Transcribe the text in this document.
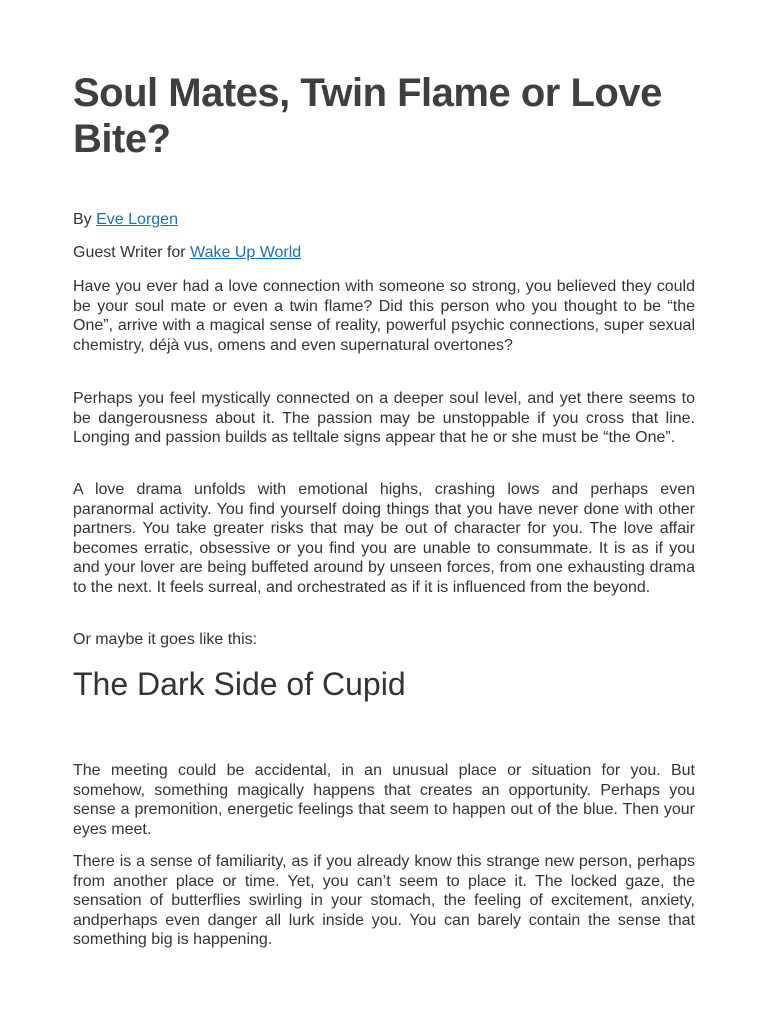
Soul Mates, Twin Flame or Love Bite?

By Eve Lorgen

Guest Writer for Wake Up World

Have you ever had a love connection with someone so strong, you believed they could be your soul mate or even a twin flame? Did this person who you thought to be “the One”, arrive with a magical sense of reality, powerful psychic connections, super sexual chemistry, déjà vus, omens and even supernatural overtones?

Perhaps you feel mystically connected on a deeper soul level, and yet there seems to be dangerousness about it. The passion may be unstoppable if you cross that line. Longing and passion builds as telltale signs appear that he or she must be “the One”.

A love drama unfolds with emotional highs, crashing lows and perhaps even paranormal activity. You find yourself doing things that you have never done with other partners. You take greater risks that may be out of character for you. The love affair becomes erratic, obsessive or you find you are unable to consummate. It is as if you and your lover are being buffeted around by unseen forces, from one exhausting drama to the next. It feels surreal, and orchestrated as if it is influenced from the beyond.

Or maybe it goes like this:

The Dark Side of Cupid

The meeting could be accidental, in an unusual place or situation for you. But somehow, something magically happens that creates an opportunity. Perhaps you sense a premonition, energetic feelings that seem to happen out of the blue. Then your eyes meet.

There is a sense of familiarity, as if you already know this strange new person, perhaps from another place or time. Yet, you can’t seem to place it. The locked gaze, the sensation of butterflies swirling in your stomach, the feeling of excitement, anxiety, andperhaps even danger all lurk inside you. You can barely contain the sense that something big is happening.
